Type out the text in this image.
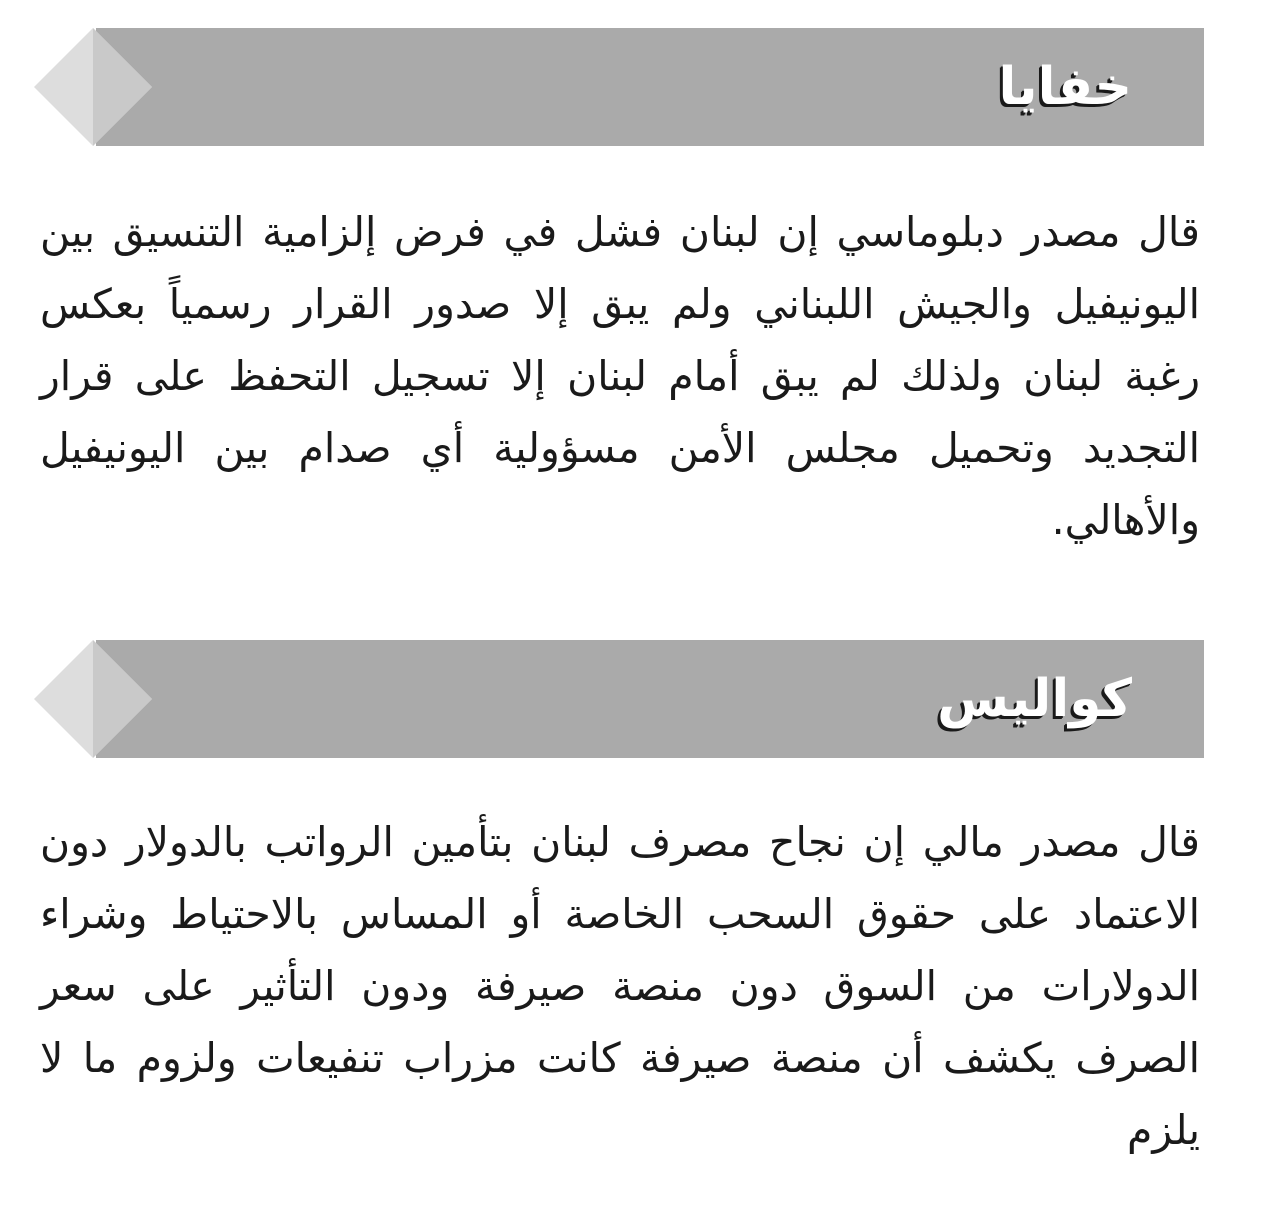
خفايا

قال مصدر دبلوماسي إن لبنان فشل في فرض إلزامية التنسيق بين اليونيفيل والجيش اللبناني ولم يبق إلا صدور القرار رسمياً بعكس رغبة لبنان ولذلك لم يبق أمام لبنان إلا تسجيل التحفظ على قرار التجديد وتحميل مجلس الأمن مسؤولية أي صدام بين اليونيفيل والأهالي.

كواليس

قال مصدر مالي إن نجاح مصرف لبنان بتأمين الرواتب بالدولار دون الاعتماد على حقوق السحب الخاصة أو المساس بالاحتياط وشراء الدولارات من السوق دون منصة صيرفة ودون التأثير على سعر الصرف يكشف أن منصة صيرفة كانت مزراب تنفيعات ولزوم ما لا يلزم
